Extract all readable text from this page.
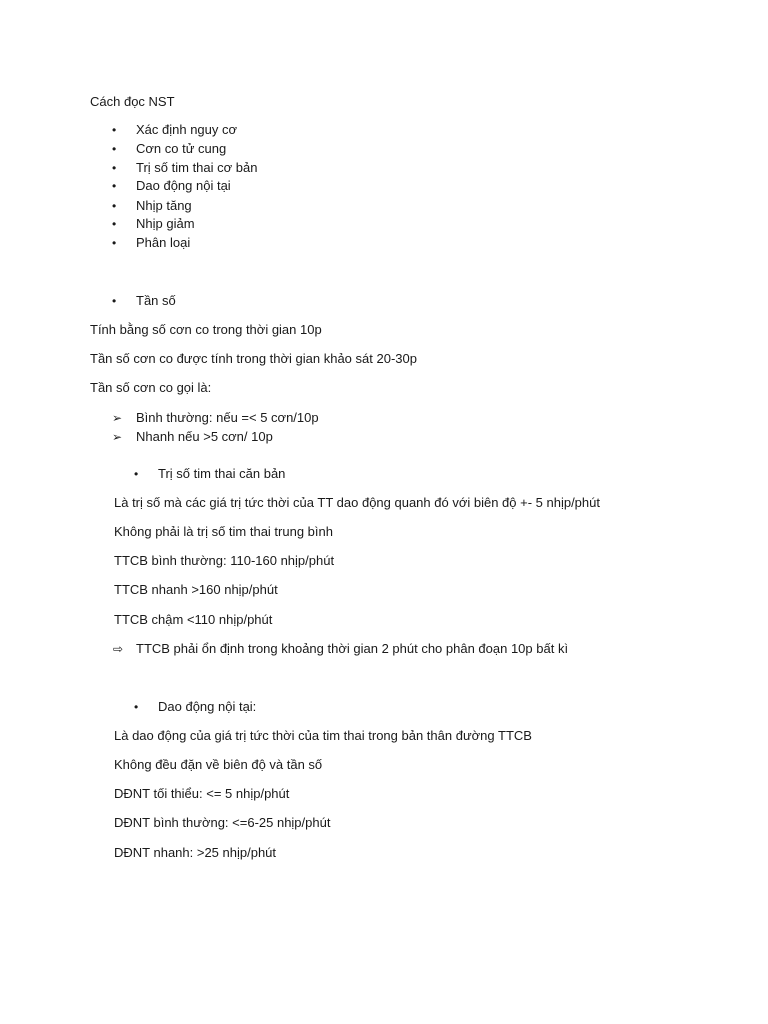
Cách đọc NST
• Xác định nguy cơ
• Cơn co tử cung
• Trị số tim thai cơ bản
• Dao động nội tại
• Nhịp tăng
• Nhịp giảm
• Phân loại
• Tần số
Tính bằng số cơn co trong thời gian 10p
Tần số cơn co được tính trong thời gian khảo sát 20-30p
Tần số cơn co gọi là:
➢ Bình thường: nếu =< 5 cơn/10p
➢ Nhanh nếu >5 cơn/ 10p
• Trị số tim thai căn bản
Là trị số mà các giá trị tức thời của TT dao động quanh đó với biên độ +- 5 nhịp/phút
Không phải là trị số tim thai trung bình
TTCB bình thường: 110-160 nhịp/phút
TTCB nhanh >160 nhịp/phút
TTCB chậm <110 nhịp/phút
⇨ TTCB phải ổn định trong khoảng thời gian 2 phút cho phân đoạn 10p bất kì
• Dao động nội tại:
Là dao động của giá trị tức thời của tim thai trong bản thân đường TTCB
Không đều đặn về biên độ và tần số
DĐNT tối thiểu: <= 5 nhịp/phút
DĐNT bình thường: <=6-25 nhịp/phút
DĐNT nhanh: >25 nhịp/phút
